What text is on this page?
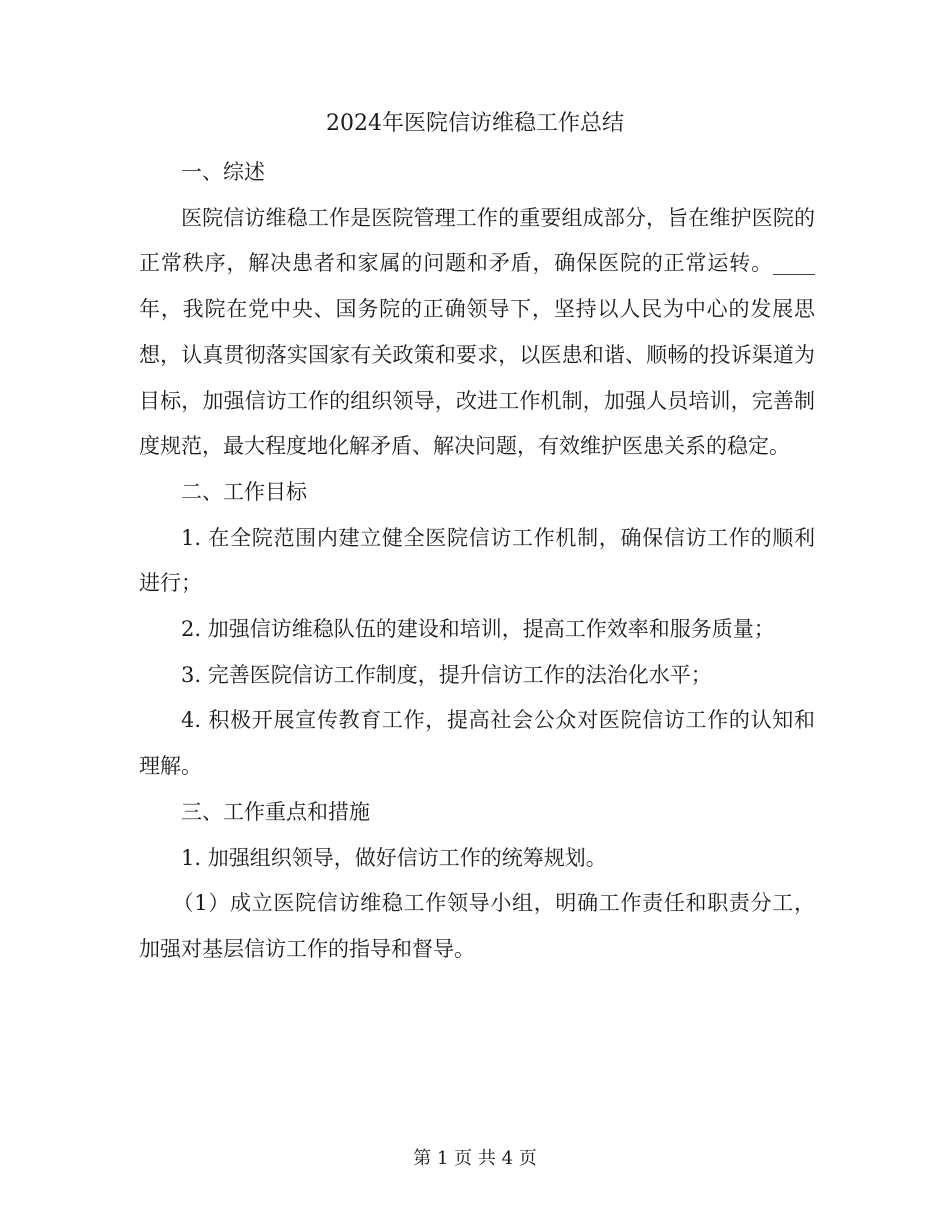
2024年医院信访维稳工作总结

一、综述

医院信访维稳工作是医院管理工作的重要组成部分，旨在维护医院的正常秩序，解决患者和家属的问题和矛盾，确保医院的正常运转。____年，我院在党中央、国务院的正确领导下，坚持以人民为中心的发展思想，认真贯彻落实国家有关政策和要求，以医患和谐、顺畅的投诉渠道为目标，加强信访工作的组织领导，改进工作机制，加强人员培训，完善制度规范，最大程度地化解矛盾、解决问题，有效维护医患关系的稳定。

二、工作目标

1. 在全院范围内建立健全医院信访工作机制，确保信访工作的顺利进行；

2. 加强信访维稳队伍的建设和培训，提高工作效率和服务质量；

3. 完善医院信访工作制度，提升信访工作的法治化水平；

4. 积极开展宣传教育工作，提高社会公众对医院信访工作的认知和理解。

三、工作重点和措施

1. 加强组织领导，做好信访工作的统筹规划。

（1）成立医院信访维稳工作领导小组，明确工作责任和职责分工，加强对基层信访工作的指导和督导。

第 1 页 共 4 页
